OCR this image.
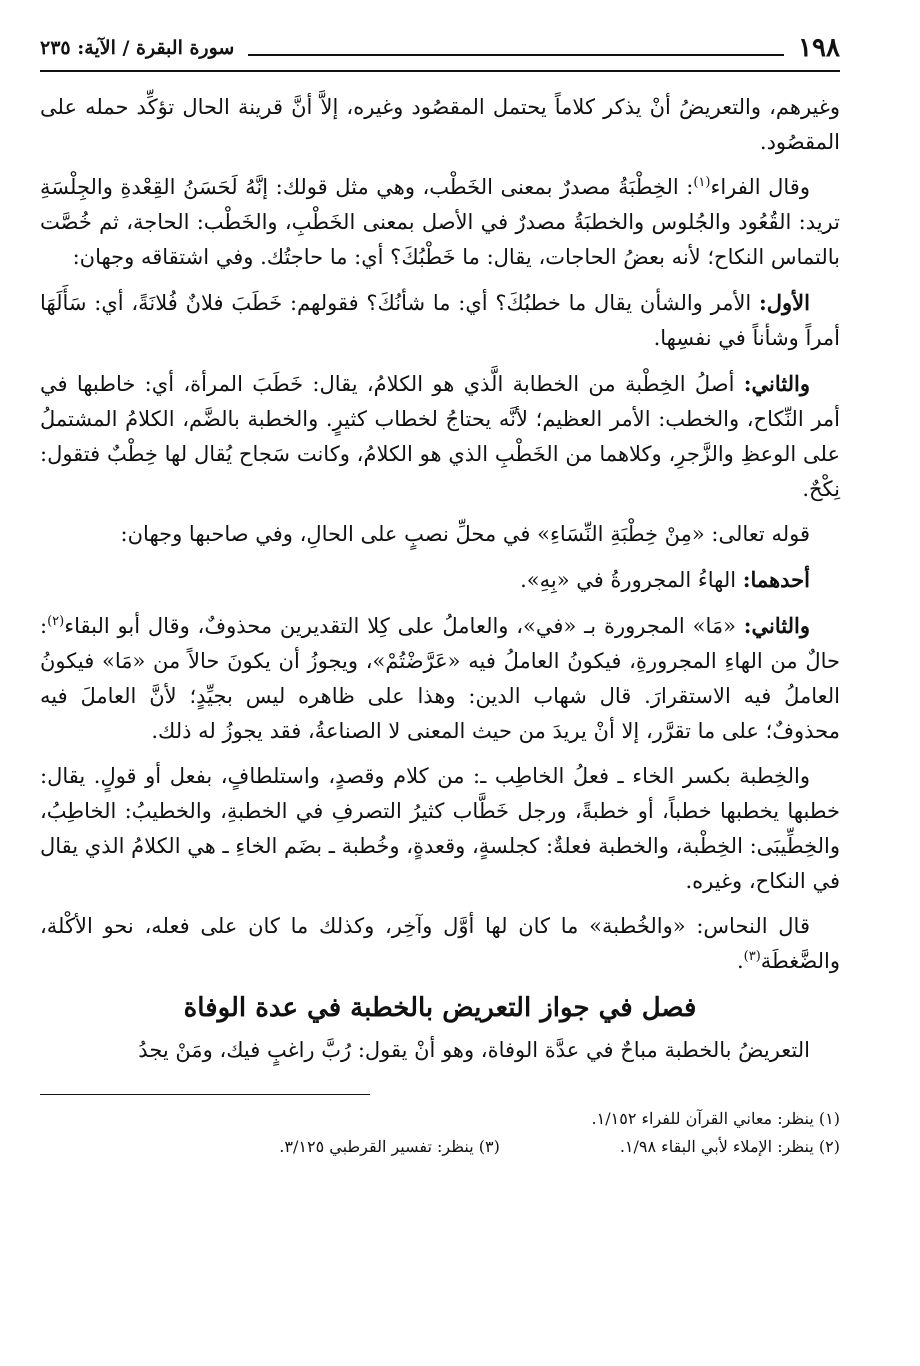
١٩٨
سورة البقرة / الآية: ٢٣٥

وغيرهم، والتعريضُ أنْ يذكر كلاماً يحتمل المقصُود وغيره، إلاَّ أنَّ قرينة الحال تؤكِّد حمله على المقصُود.

وقال الفراء$^{(١)}$: الخِطْبَةُ مصدرٌ بمعنى الخَطْب، وهي مثل قولك: إنَّهُ لَحَسَنُ القِعْدةِ والجِلْسَةِ تريد: القُعُود والجُلوس والخطبَةُ مصدرٌ في الأصل بمعنى الخَطْبِ، والخَطْب: الحاجة، ثم خُصَّت بالتماس النكاح؛ لأنه بعضُ الحاجات، يقال: ما خَطْبُكَ؟ أي: ما حاجتُك. وفي اشتقاقه وجهان:

الأول: الأمر والشأن يقال ما خطبُكَ؟ أي: ما شأنُكَ؟ فقولهم: خَطَبَ فلانٌ فُلانَةً، أي: سَأَلَهَا أمراً وشأناً في نفسِها.

والثاني: أصلُ الخِطْبة من الخطابة الَّذي هو الكلامُ، يقال: خَطَبَ المرأة، أي: خاطبها في أمر النِّكاح، والخطب: الأمر العظيم؛ لأنَّه يحتاجُ لخطاب كثيرٍ. والخطبة بالضَّم، الكلامُ المشتملُ على الوعظِ والزَّجرِ، وكلاهما من الخَطْبِ الذي هو الكلامُ، وكانت سَجاح يُقال لها خِطْبٌ فتقول: نِكْحٌ.

قوله تعالى: «مِنْ خِطْبَةِ النِّسَاءِ» في محلِّ نصبٍ على الحالِ، وفي صاحبها وجهان:

أحدهما: الهاءُ المجرورةُ في «بِهِ».

والثاني: «مَا» المجرورة بـ «في»، والعاملُ على كِلا التقديرين محذوفٌ، وقال أبو البقاء$^{(٢)}$: حالٌ من الهاءِ المجرورةِ، فيكونُ العاملُ فيه «عَرَّضْتُمْ»، ويجوزُ أن يكونَ حالاً من «مَا» فيكونُ العاملُ فيه الاستقرارَ. قال شهاب الدين: وهذا على ظاهره ليس بجيِّدٍ؛ لأنَّ العاملَ فيه محذوفٌ؛ على ما تقرَّر، إلا أنْ يريدَ من حيث المعنى لا الصناعةُ، فقد يجوزُ له ذلك.

والخِطبة بكسر الخاء ـ فعلُ الخاطِب ـ: من كلام وقصدٍ، واستلطافٍ، بفعل أو قولٍ. يقال: خطبها يخطبها خطباً، أو خطبةً، ورجل خَطَّاب كثيرُ التصرفِ في الخطبةِ، والخطيبُ: الخاطِبُ، والخِطِّيبَى: الخِطْبة، والخطبة فعلةٌ: كجلسةٍ، وقعدةٍ، وخُطبة ـ بضَم الخاءِ ـ هي الكلامُ الذي يقال في النكاح، وغيره.

قال النحاس: «والخُطبة» ما كان لها أوَّل وآخِر، وكذلك ما كان على فعله، نحو الأكْلة، والضَّغطَة$^{(٣)}$.

فصل في جواز التعريض بالخطبة في عدة الوفاة

التعريضُ بالخطبة مباحٌ في عدَّة الوفاة، وهو أنْ يقول: رُبَّ راغبٍ فيك، ومَنْ يجدُ

(١) ينظر: معاني القرآن للفراء ١/١٥٢.
(٢) ينظر: الإملاء لأبي البقاء ١/٩٨.
(٣) ينظر: تفسير القرطبي ٣/١٢٥.
